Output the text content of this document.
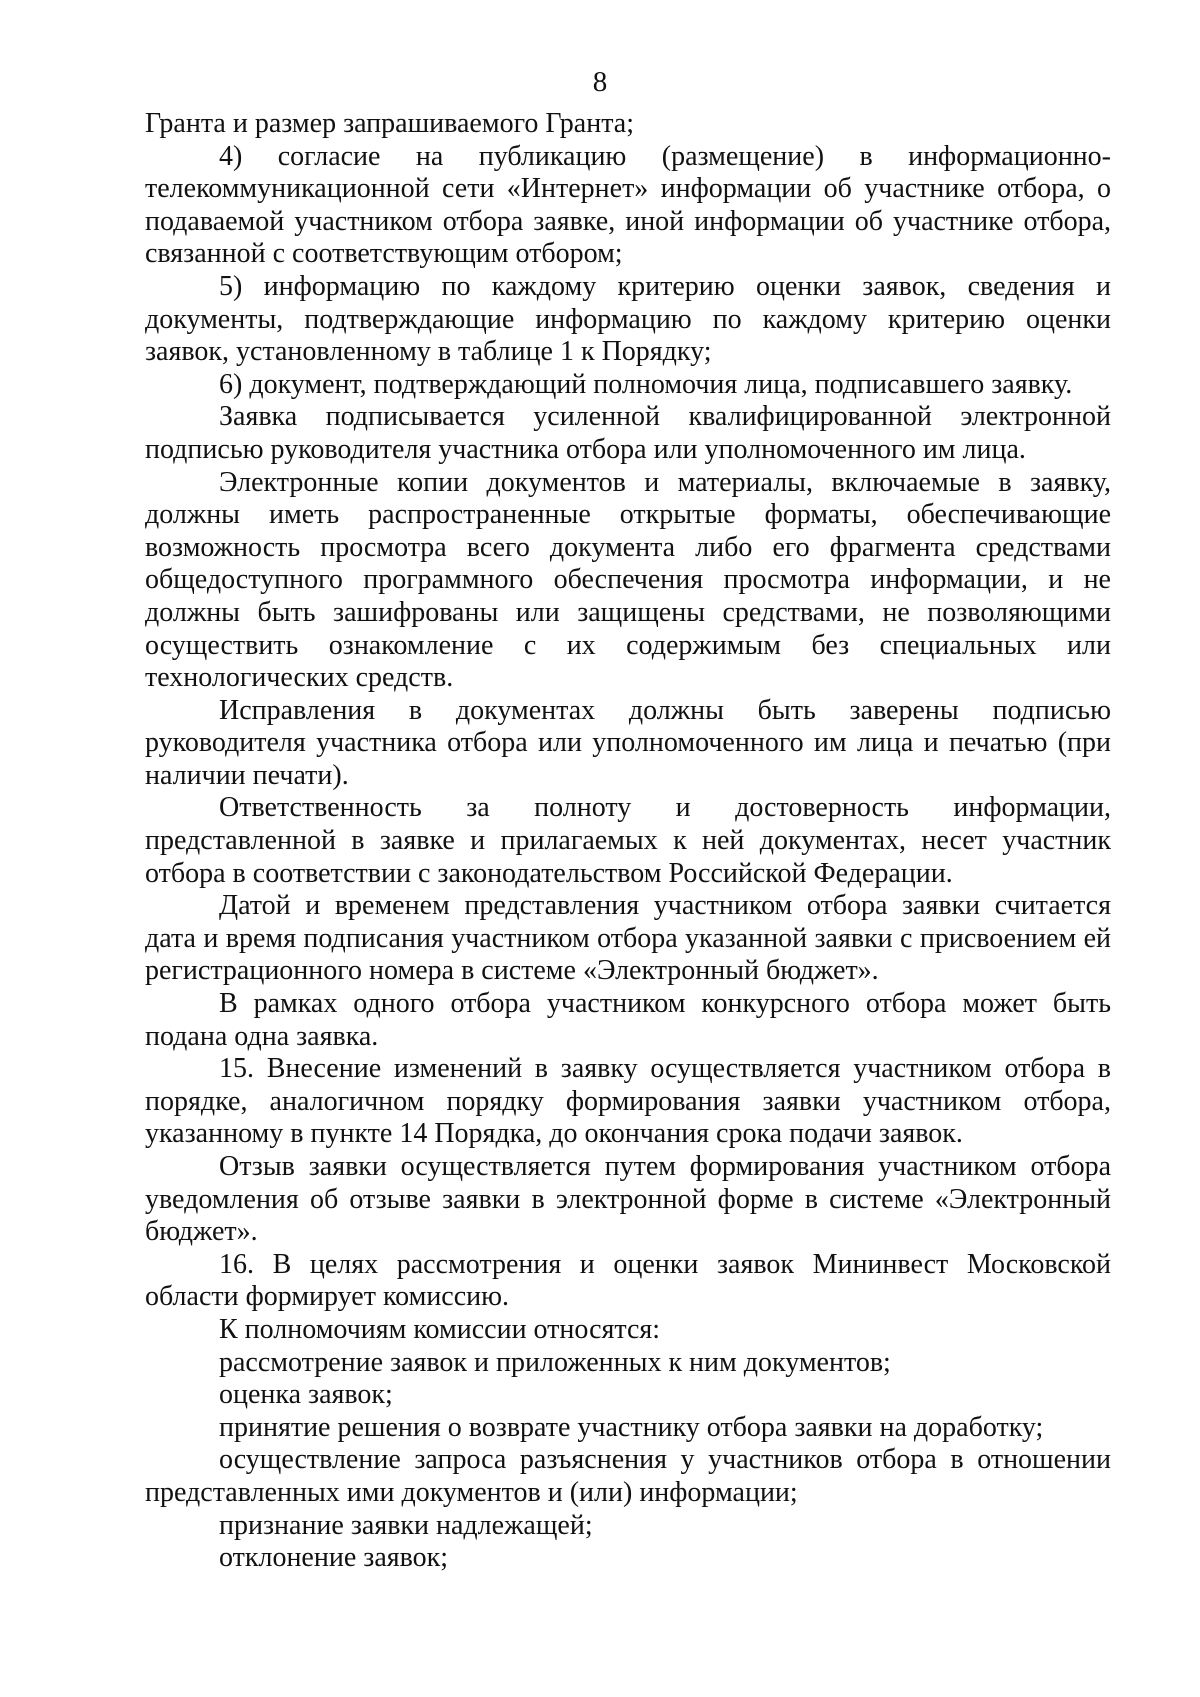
8

Гранта и размер запрашиваемого Гранта;

4) согласие на публикацию (размещение) в информационно-телекоммуникационной сети «Интернет» информации об участнике отбора, о подаваемой участником отбора заявке, иной информации об участнике отбора, связанной с соответствующим отбором;

5) информацию по каждому критерию оценки заявок, сведения и документы, подтверждающие информацию по каждому критерию оценки заявок, установленному в таблице 1 к Порядку;

6) документ, подтверждающий полномочия лица, подписавшего заявку.

Заявка подписывается усиленной квалифицированной электронной подписью руководителя участника отбора или уполномоченного им лица.

Электронные копии документов и материалы, включаемые в заявку, должны иметь распространенные открытые форматы, обеспечивающие возможность просмотра всего документа либо его фрагмента средствами общедоступного программного обеспечения просмотра информации, и не должны быть зашифрованы или защищены средствами, не позволяющими осуществить ознакомление с их содержимым без специальных или технологических средств.

Исправления в документах должны быть заверены подписью руководителя участника отбора или уполномоченного им лица и печатью (при наличии печати).

Ответственность за полноту и достоверность информации, представленной в заявке и прилагаемых к ней документах, несет участник отбора в соответствии с законодательством Российской Федерации.

Датой и временем представления участником отбора заявки считается дата и время подписания участником отбора указанной заявки с присвоением ей регистрационного номера в системе «Электронный бюджет».

В рамках одного отбора участником конкурсного отбора может быть подана одна заявка.

15. Внесение изменений в заявку осуществляется участником отбора в порядке, аналогичном порядку формирования заявки участником отбора, указанному в пункте 14 Порядка, до окончания срока подачи заявок.

Отзыв заявки осуществляется путем формирования участником отбора уведомления об отзыве заявки в электронной форме в системе «Электронный бюджет».

16. В целях рассмотрения и оценки заявок Мининвест Московской области формирует комиссию.

К полномочиям комиссии относятся:

рассмотрение заявок и приложенных к ним документов;

оценка заявок;

принятие решения о возврате участнику отбора заявки на доработку;

осуществление запроса разъяснения у участников отбора в отношении представленных ими документов и (или) информации;

признание заявки надлежащей;

отклонение заявок;
